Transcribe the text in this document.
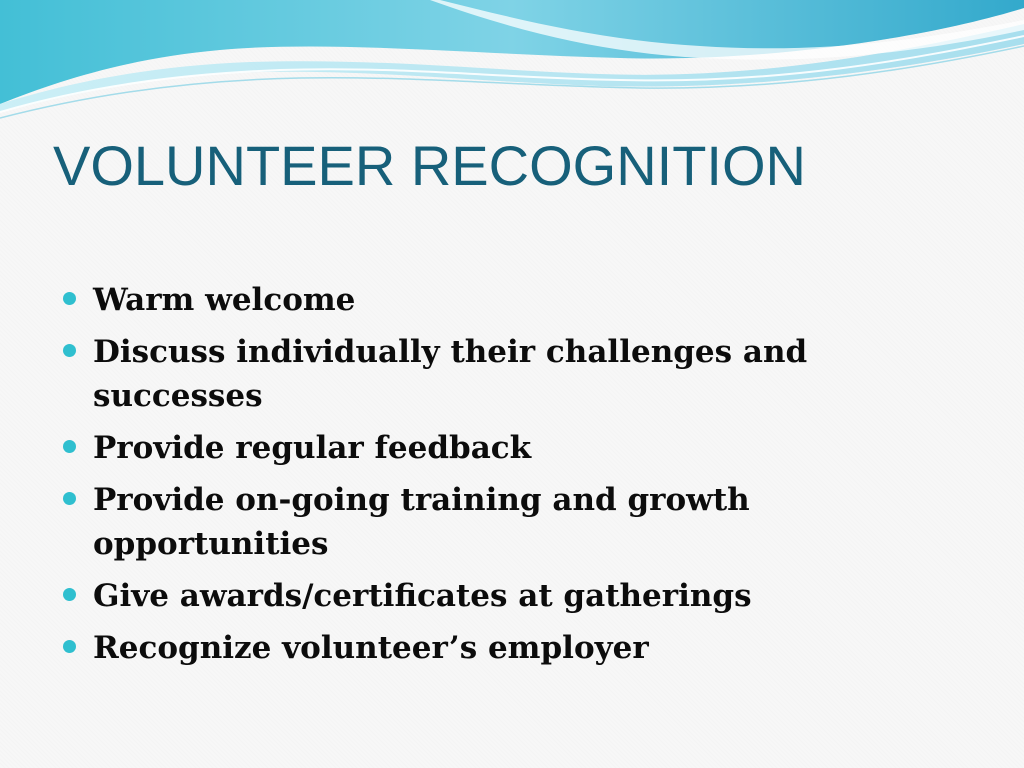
VOLUNTEER RECOGNITION
Warm welcome
Discuss individually their challenges and successes
Provide regular feedback
Provide on-going training and growth opportunities
Give awards/certificates at gatherings
Recognize volunteer’s employer
